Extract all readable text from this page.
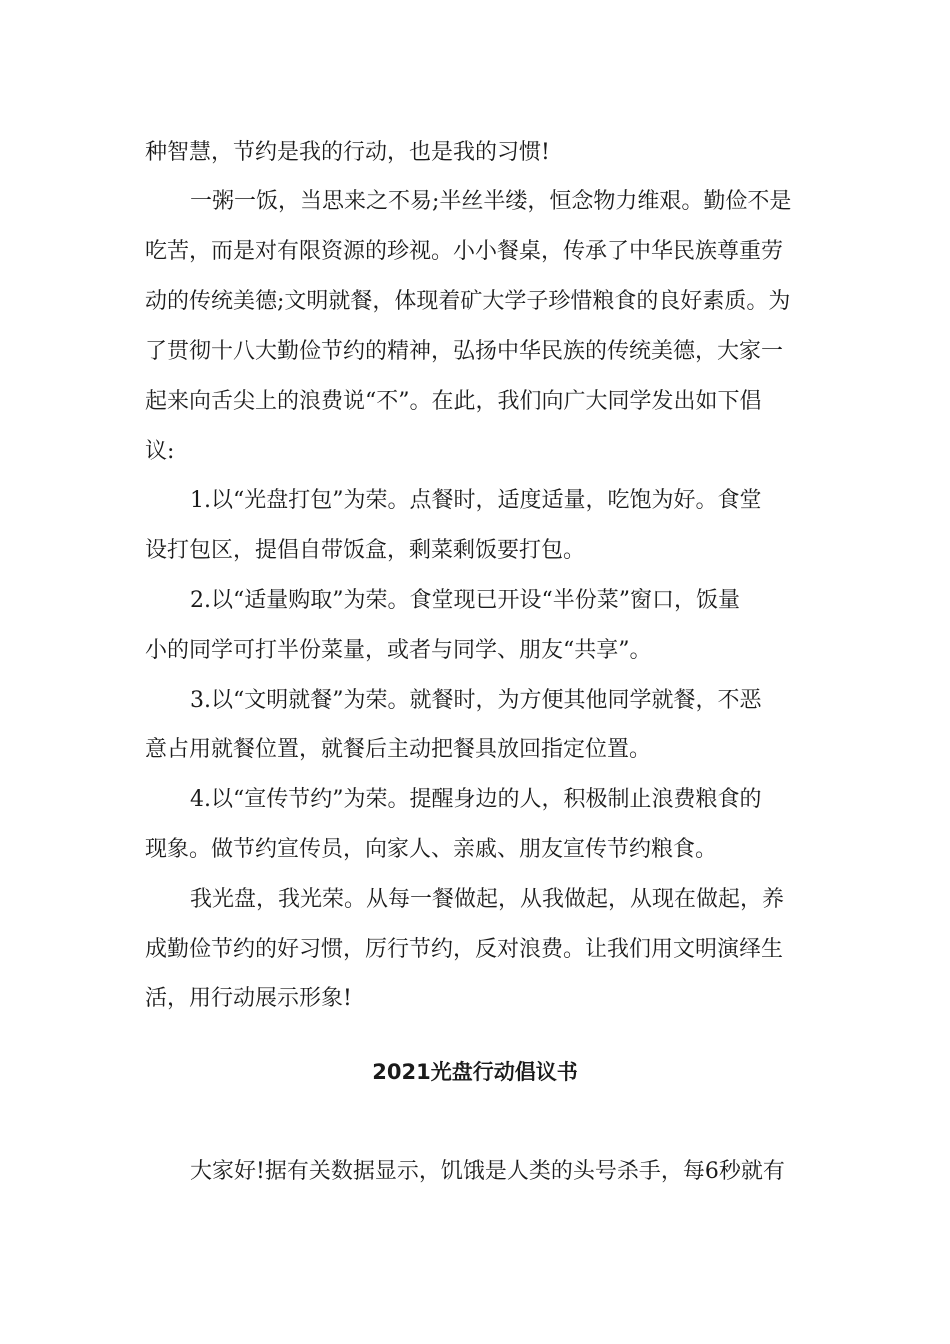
种智慧，节约是我的行动，也是我的习惯!
一粥一饭，当思来之不易;半丝半缕，恒念物力维艰。勤俭不是
吃苦，而是对有限资源的珍视。小小餐桌，传承了中华民族尊重劳
动的传统美德;文明就餐，体现着矿大学子珍惜粮食的良好素质。为
了贯彻十八大勤俭节约的精神，弘扬中华民族的传统美德，大家一
起来向舌尖上的浪费说“不”。在此，我们向广大同学发出如下倡
议:
1.以“光盘打包”为荣。点餐时，适度适量，吃饱为好。食堂
设打包区，提倡自带饭盒，剩菜剩饭要打包。
2.以“适量购取”为荣。食堂现已开设“半份菜”窗口，饭量
小的同学可打半份菜量，或者与同学、朋友“共享”。
3.以“文明就餐”为荣。就餐时，为方便其他同学就餐，不恶
意占用就餐位置，就餐后主动把餐具放回指定位置。
4.以“宣传节约”为荣。提醒身边的人，积极制止浪费粮食的
现象。做节约宣传员，向家人、亲戚、朋友宣传节约粮食。
我光盘，我光荣。从每一餐做起，从我做起，从现在做起，养
成勤俭节约的好习惯，厉行节约，反对浪费。让我们用文明演绎生
活，用行动展示形象!
2021光盘行动倡议书
大家好!据有关数据显示，饥饿是人类的头号杀手，每6秒就有
